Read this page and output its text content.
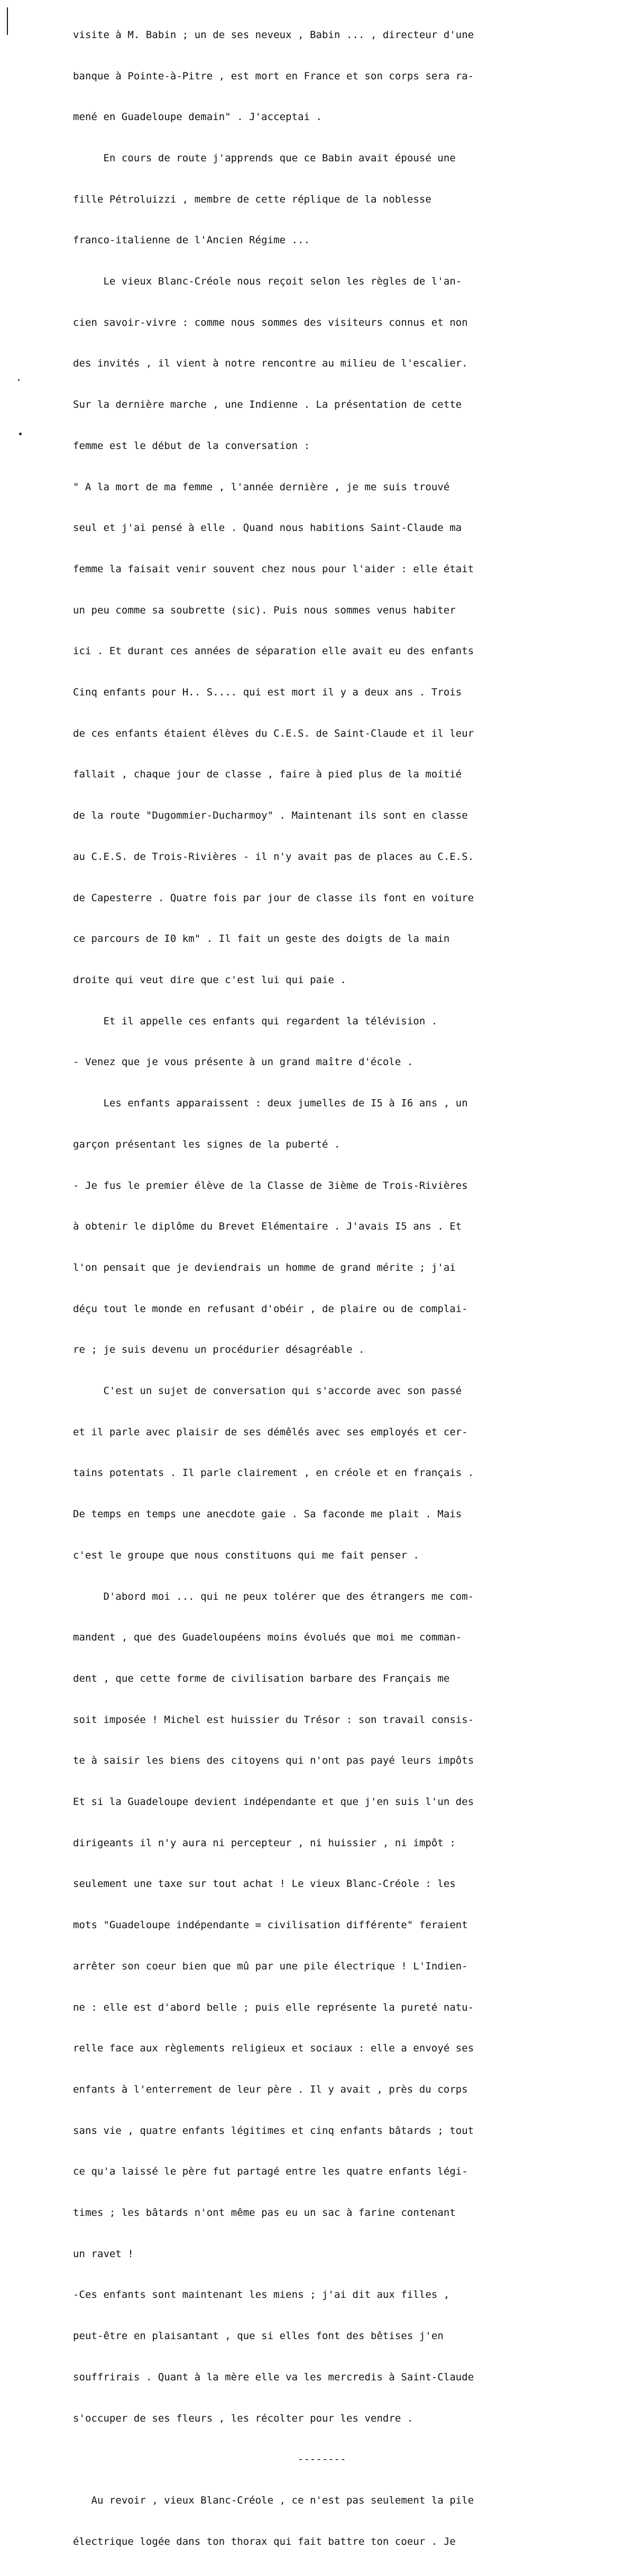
visite à M. Babin ; un de ses neveux , Babin ... , directeur d'une

banque à Pointe-à-Pitre , est mort en France et son corps sera ra-

mené en Guadeloupe demain" . J'acceptai .

En cours de route j'apprends que ce Babin avait épousé une

fille Pétroluizzi , membre de cette réplique de la noblesse

franco-italienne de l'Ancien Régime ...

Le vieux Blanc-Créole nous reçoit selon les règles de l'an-

cien savoir-vivre : comme nous sommes des visiteurs connus et non

des invités , il vient à notre rencontre au milieu de l'escalier.

Sur la dernière marche , une Indienne . La présentation de cette

femme est le début de la conversation :

" A la mort de ma femme , l'année dernière , je me suis trouvé

seul et j'ai pensé à elle . Quand nous habitions Saint-Claude ma

femme la faisait venir souvent chez nous pour l'aider : elle était

un peu comme sa soubrette (sic). Puis nous sommes venus habiter

ici . Et durant ces années de séparation elle avait eu des enfants

Cinq enfants pour H.. S.... qui est mort il y a deux ans . Trois

de ces enfants étaient élèves du C.E.S. de Saint-Claude et il leur

fallait , chaque jour de classe , faire à pied plus de la moitié

de la route "Dugommier-Ducharmoy" . Maintenant ils sont en classe

au C.E.S. de Trois-Rivières - il n'y avait pas de places au C.E.S.

de Capesterre . Quatre fois par jour de classe ils font en voiture

ce parcours de I0 km" . Il fait un geste des doigts de la main

droite qui veut dire que c'est lui qui paie .

Et il appelle ces enfants qui regardent la télévision .

- Venez que je vous présente à un grand maître d'école .

Les enfants apparaissent : deux jumelles de I5 à I6 ans , un

garçon présentant les signes de la puberté .

- Je fus le premier élève de la Classe de 3ième de Trois-Rivières

à obtenir le diplôme du Brevet Elémentaire . J'avais I5 ans . Et

l'on pensait que je deviendrais un homme de grand mérite ; j'ai

déçu tout le monde en refusant d'obéir , de plaire ou de complai-

re ; je suis devenu un procédurier désagréable .

C'est un sujet de conversation qui s'accorde avec son passé

et il parle avec plaisir de ses démêlés avec ses employés et cer-

tains potentats . Il parle clairement , en créole et en français .

De temps en temps une anecdote gaie . Sa faconde me plait . Mais

c'est le groupe que nous constituons qui me fait penser .

D'abord moi ... qui ne peux tolérer que des étrangers me com-

mandent , que des Guadeloupéens moins évolués que moi me comman-

dent , que cette forme de civilisation barbare des Français me

soit imposée ! Michel est huissier du Trésor : son travail consis-

te à saisir les biens des citoyens qui n'ont pas payé leurs impôts

Et si la Guadeloupe devient indépendante et que j'en suis l'un des

dirigeants il n'y aura ni percepteur , ni huissier , ni impôt :

seulement une taxe sur tout achat ! Le vieux Blanc-Créole : les

mots "Guadeloupe indépendante = civilisation différente" feraient

arrêter son coeur bien que mû par une pile électrique ! L'Indien-

ne : elle est d'abord belle ; puis elle représente la pureté natu-

relle face aux règlements religieux et sociaux : elle a envoyé ses

enfants à l'enterrement de leur père . Il y avait , près du corps

sans vie , quatre enfants légitimes et cinq enfants bâtards ; tout

ce qu'a laissé le père fut partagé entre les quatre enfants légi-

times ; les bâtards n'ont même pas eu un sac à farine contenant

un ravet !

-Ces enfants sont maintenant les miens ; j'ai dit aux filles ,

peut-être en plaisantant , que si elles font des bêtises j'en

souffrirais . Quant à la mère elle va les mercredis à Saint-Claude

s'occuper de ses fleurs , les récolter pour les vendre .

--------

Au revoir , vieux Blanc-Créole , ce n'est pas seulement la pile

électrique logée dans ton thorax qui fait battre ton coeur . Je
